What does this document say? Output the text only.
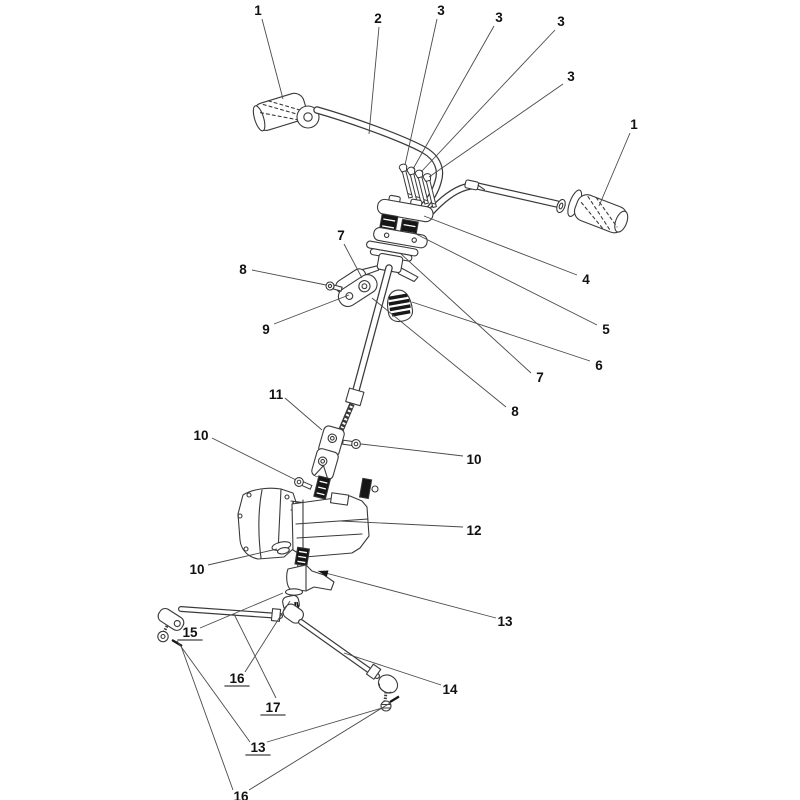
1
2
3	3	3
3
1
4
5
6
7
7
8
8
9
10
10
11
12
10
13
14
15
16
17
13
16
